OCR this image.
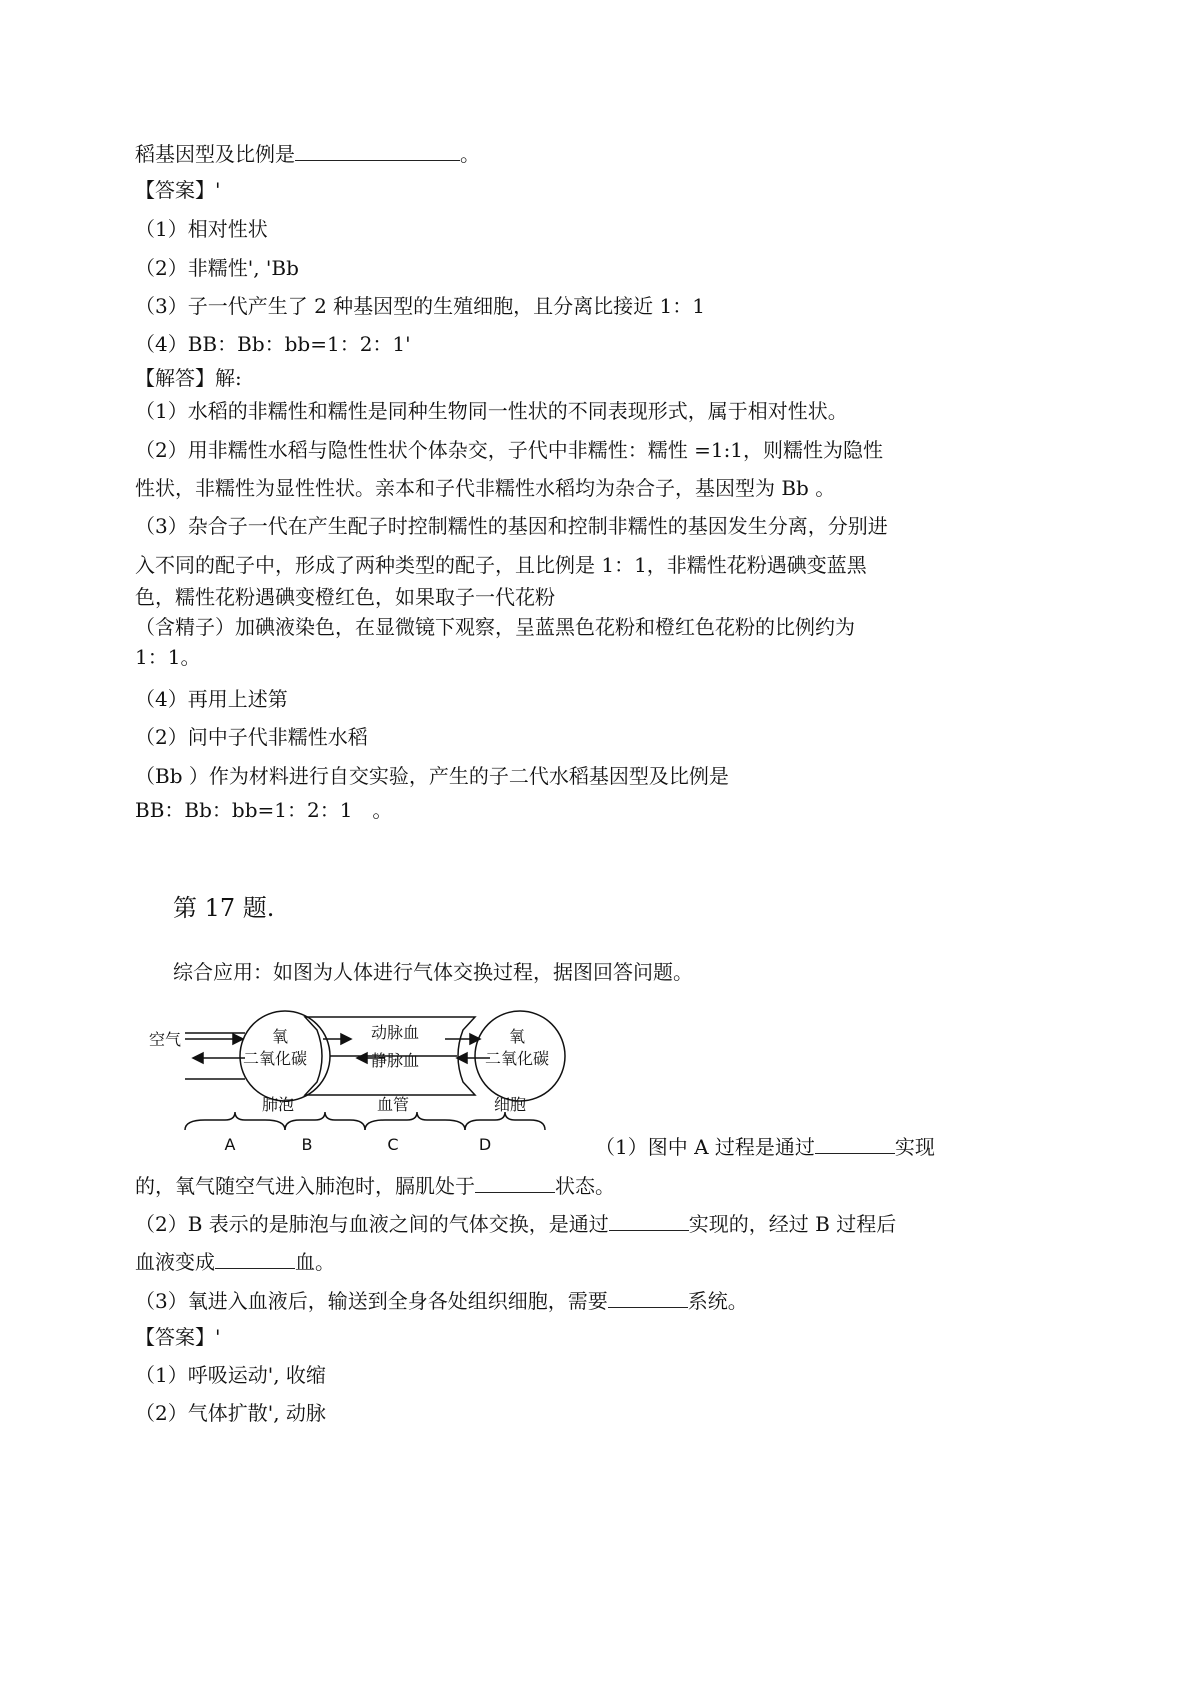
稻基因型及比例是	。
【答案】'
（1）相对性状
（2）非糯性', 'Bb
（3）子一代产生了 2 种基因型的生殖细胞，且分离比接近 1：1
（4）BB：Bb：bb=1：2：1'
【解答】解:
（1）水稻的非糯性和糯性是同种生物同一性状的不同表现形式，属于相对性状。
（2）用非糯性水稻与隐性性状个体杂交，子代中非糯性：糯性 =1:1，则糯性为隐性
性状，非糯性为显性性状。亲本和子代非糯性水稻均为杂合子，基因型为 Bb 。
（3）杂合子一代在产生配子时控制糯性的基因和控制非糯性的基因发生分离，分别进
入不同的配子中，形成了两种类型的配子，且比例是 1：1，非糯性花粉遇碘变蓝黑
色，糯性花粉遇碘变橙红色，如果取子一代花粉
（含精子）加碘液染色，在显微镜下观察，呈蓝黑色花粉和橙红色花粉的比例约为
1：1。
（4）再用上述第
（2）问中子代非糯性水稻
（Bb ）作为材料进行自交实验，产生的子二代水稻基因型及比例是
BB：Bb：bb=1：2：1　。
第 17 题.
综合应用：如图为人体进行气体交换过程，据图回答问题。
空气	氧
二氧化碳
动脉血
静脉血
氧
二氧化碳
肺泡	血管	细胞
A	B	C	D	（1）图中 A 过程是通过	实现
的，氧气随空气进入肺泡时，膈肌处于	状态。
（2）B 表示的是肺泡与血液之间的气体交换，是通过	实现的，经过 B 过程后
血液变成	血。
（3）氧进入血液后，输送到全身各处组织细胞，需要	系统。
【答案】'
（1）呼吸运动', 收缩
（2）气体扩散', 动脉
